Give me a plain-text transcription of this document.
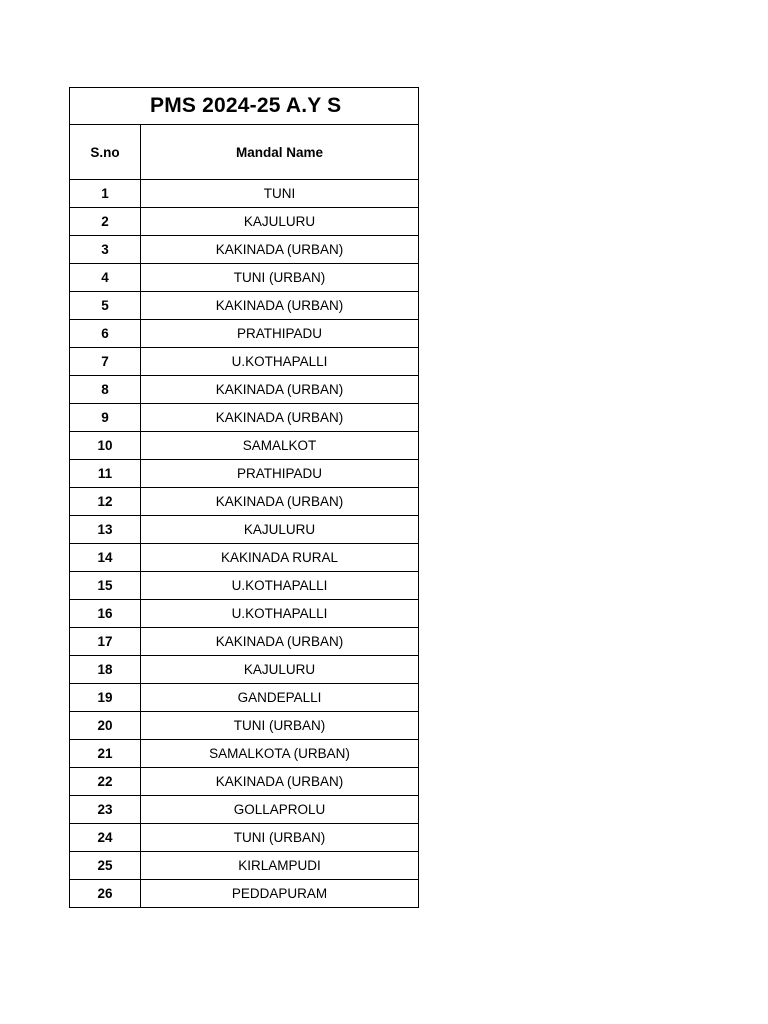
PMS 2024-25 A.Y S	
S.no	Mandal Name
1	TUNI
2	KAJULURU
3	KAKINADA (URBAN)
4	TUNI (URBAN)
5	KAKINADA (URBAN)
6	PRATHIPADU
7	U.KOTHAPALLI
8	KAKINADA (URBAN)
9	KAKINADA (URBAN)
10	SAMALKOT
11	PRATHIPADU
12	KAKINADA (URBAN)
13	KAJULURU
14	KAKINADA RURAL
15	U.KOTHAPALLI
16	U.KOTHAPALLI
17	KAKINADA (URBAN)
18	KAJULURU
19	GANDEPALLI
20	TUNI (URBAN)
21	SAMALKOTA (URBAN)
22	KAKINADA (URBAN)
23	GOLLAPROLU
24	TUNI (URBAN)
25	KIRLAMPUDI
26	PEDDAPURAM
